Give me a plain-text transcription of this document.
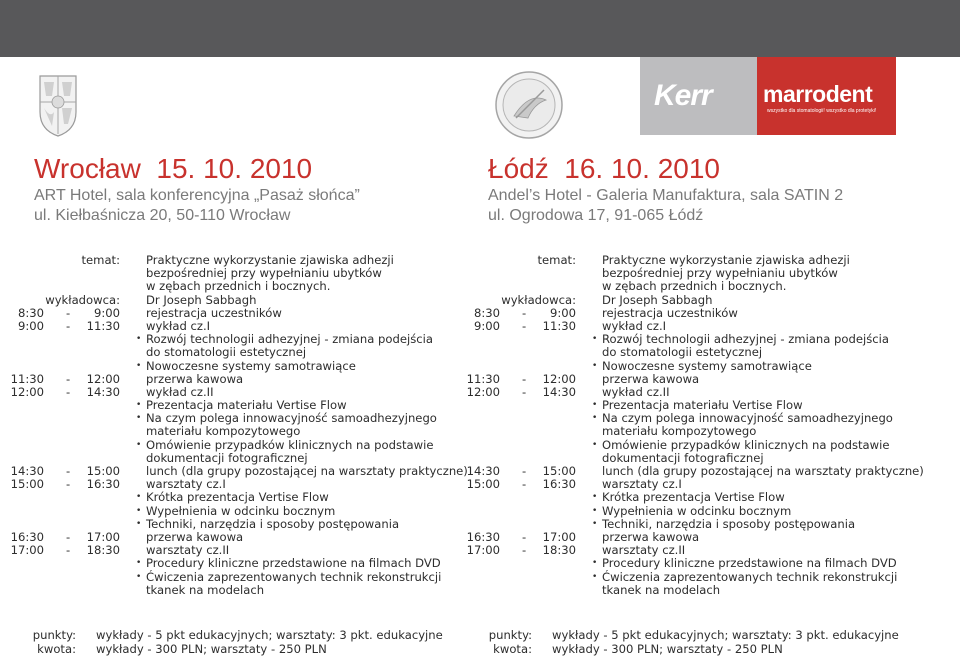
Kerr marrodent
wszystko dla stomatologii! wszystko dla protetyki!
Wrocław 15. 10. 2010
ART Hotel, sala konferencyjna „Pasaż słońca”
ul. Kiełbaśnicza 20, 50-110 Wrocław
Łódź 16. 10. 2010
Andel’s Hotel - Galeria Manufaktura, sala SATIN 2
ul. Ogrodowa 17, 91-065 Łódź
temat: Praktyczne wykorzystanie zjawiska adhezji
bezpośredniej przy wypełnianiu ubytków
w zębach przednich i bocznych.
wykładowca: Dr Joseph Sabbagh
8:30 -	9:00 rejestracja uczestników
9:00 -	11:30 wykład cz.I
• Rozwój technologii adhezyjnej - zmiana podejścia
do stomatologii estetycznej
• Nowoczesne systemy samotrawiące
11:30 -	12:00 przerwa kawowa
12:00 -	14:30 wykład cz.II
• Prezentacja materiału Vertise Flow
• Na czym polega innowacyjność samoadhezyjnego
materiału kompozytowego
• Omówienie przypadków klinicznych na podstawie
dokumentacji fotograficznej
14:30 -	15:00 lunch (dla grupy pozostającej na warsztaty praktyczne)
15:00 -	16:30 warsztaty cz.I
• Krótka prezentacja Vertise Flow
• Wypełnienia w odcinku bocznym
• Techniki, narzędzia i sposoby postępowania
16:30 -	17:00 przerwa kawowa
17:00 -	18:30 warsztaty cz.II
• Procedury kliniczne przedstawione na filmach DVD
• Ćwiczenia zaprezentowanych technik rekonstrukcji
tkanek na modelach
temat: Praktyczne wykorzystanie zjawiska adhezji
bezpośredniej przy wypełnianiu ubytków
w zębach przednich i bocznych.
wykładowca: Dr Joseph Sabbagh
8:30 -	9:00 rejestracja uczestników
9:00 -	11:30 wykład cz.I
• Rozwój technologii adhezyjnej - zmiana podejścia
do stomatologii estetycznej
• Nowoczesne systemy samotrawiące
11:30 -	12:00 przerwa kawowa
12:00 -	14:30 wykład cz.II
• Prezentacja materiału Vertise Flow
• Na czym polega innowacyjność samoadhezyjnego
materiału kompozytowego
• Omówienie przypadków klinicznych na podstawie
dokumentacji fotograficznej
14:30 -	15:00 lunch (dla grupy pozostającej na warsztaty praktyczne)
15:00 -	16:30 warsztaty cz.I
• Krótka prezentacja Vertise Flow
• Wypełnienia w odcinku bocznym
• Techniki, narzędzia i sposoby postępowania
16:30 -	17:00 przerwa kawowa
17:00 -	18:30 warsztaty cz.II
• Procedury kliniczne przedstawione na filmach DVD
• Ćwiczenia zaprezentowanych technik rekonstrukcji
tkanek na modelach
punkty: wykłady - 5 pkt edukacyjnych; warsztaty: 3 pkt. edukacyjne
kwota: wykłady - 300 PLN; warsztaty - 250 PLN
punkty: wykłady - 5 pkt edukacyjnych; warsztaty: 3 pkt. edukacyjne
kwota: wykłady - 300 PLN; warsztaty - 250 PLN
